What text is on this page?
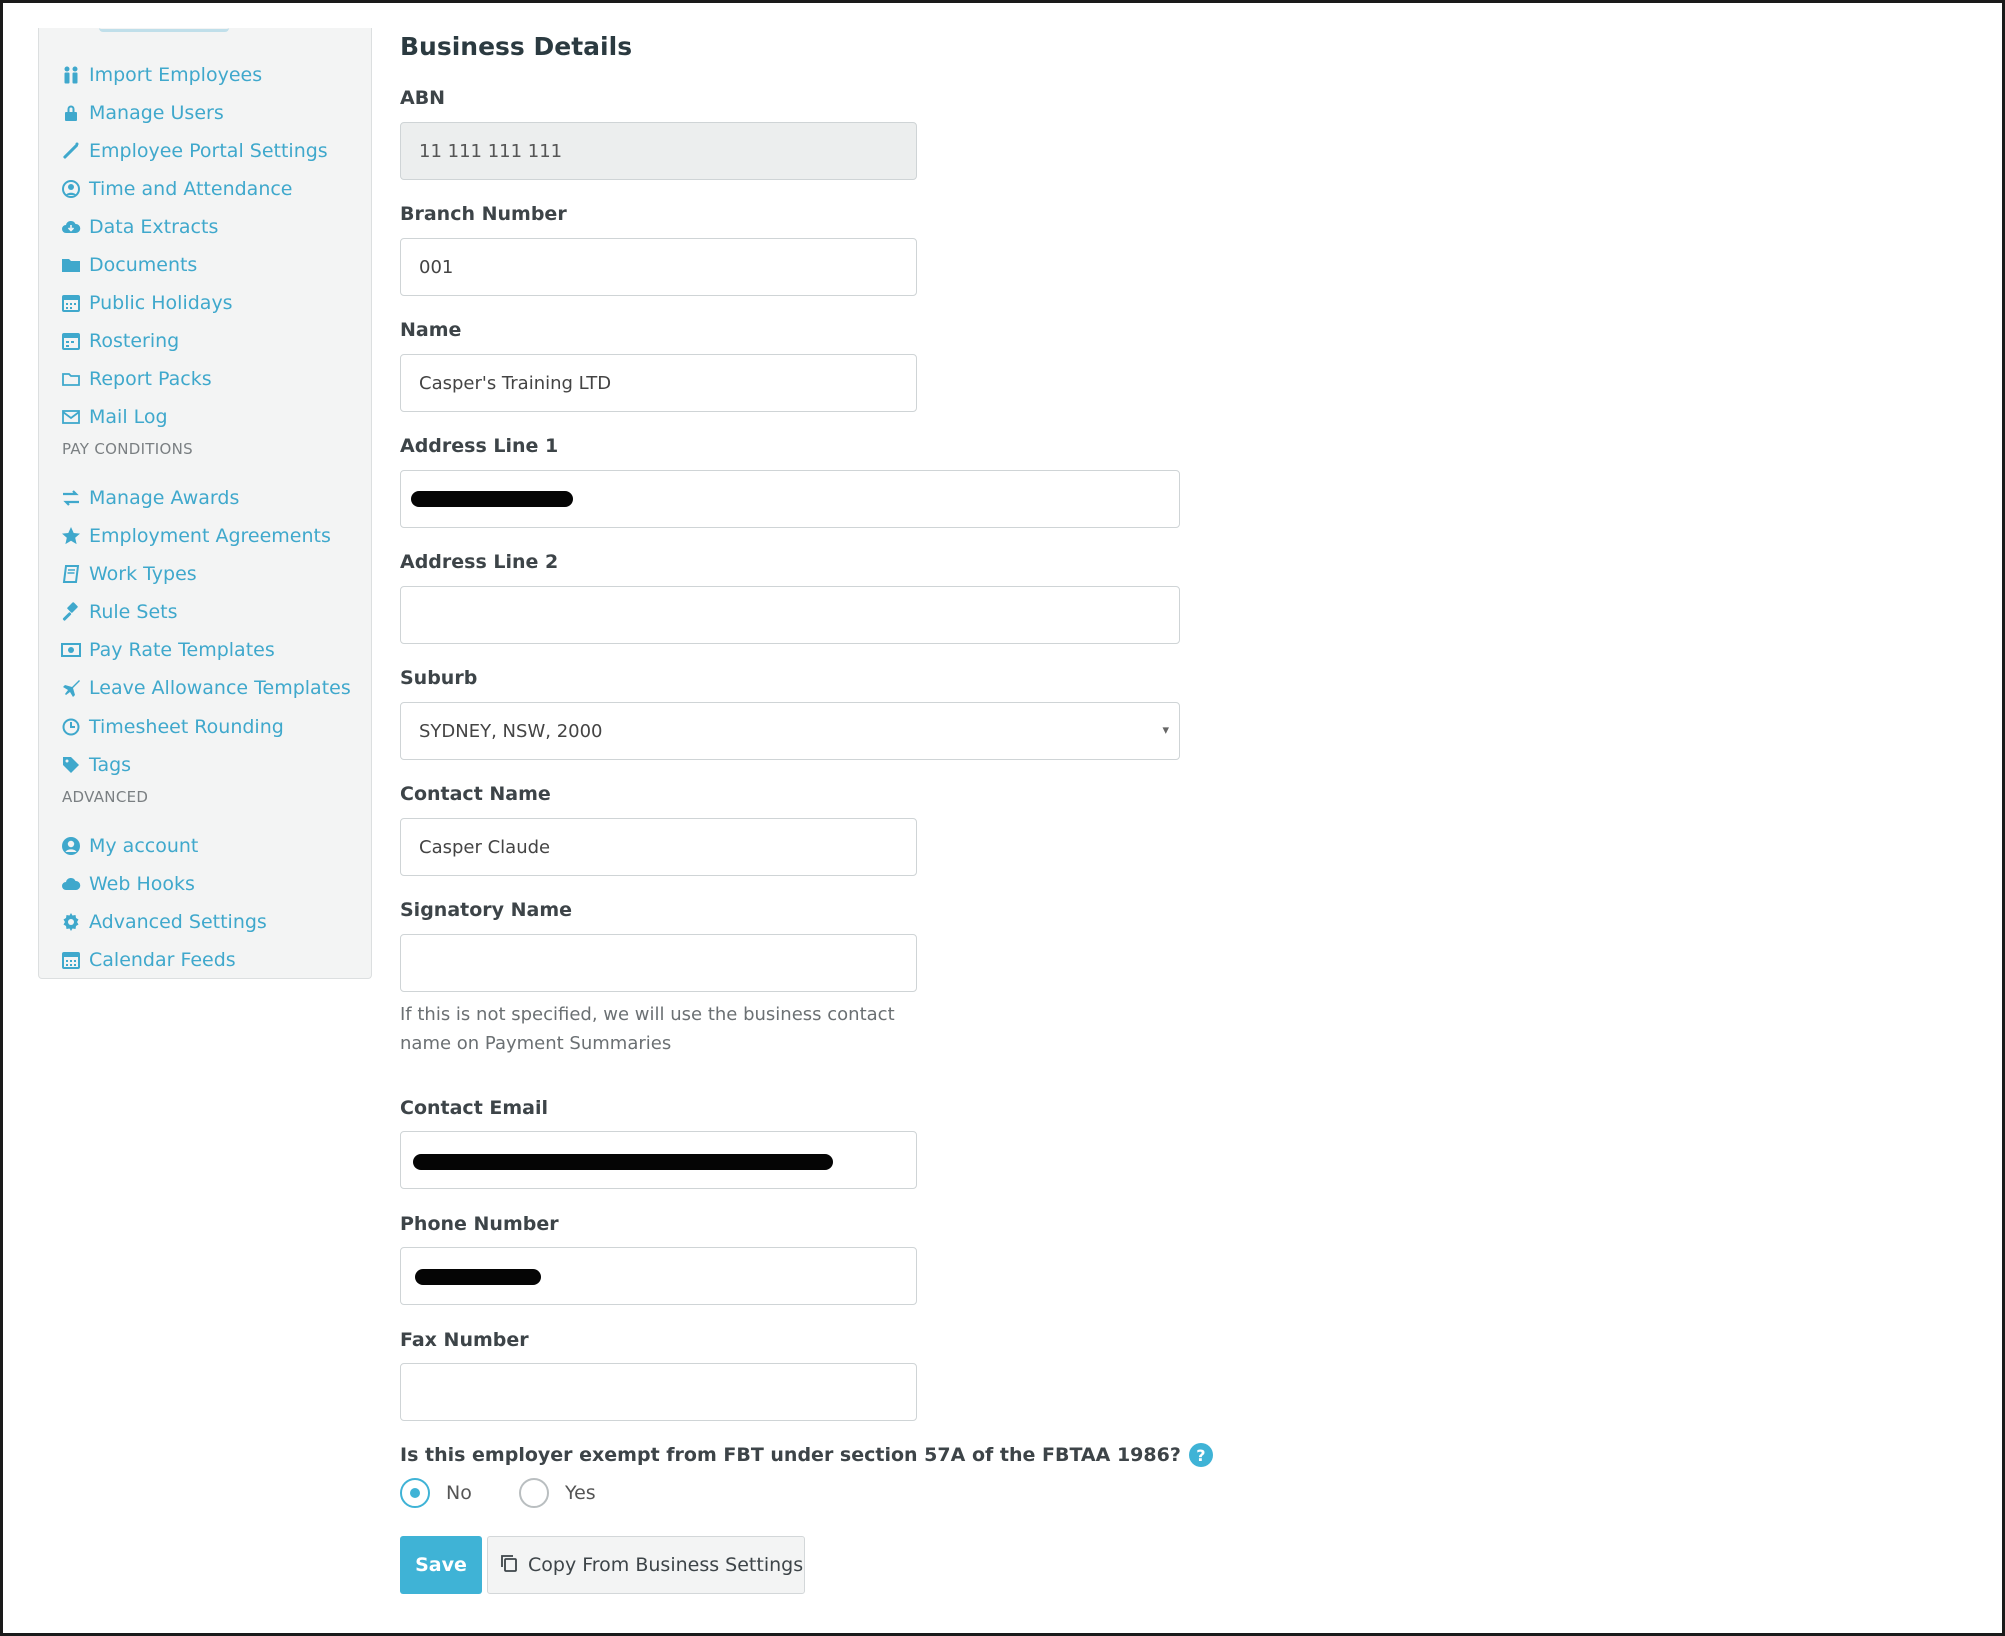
Import Employees
Manage Users
Employee Portal Settings
Time and Attendance
Data Extracts
Documents
Public Holidays
Rostering
Report Packs
Mail Log
PAY CONDITIONS
Manage Awards
Employment Agreements
Work Types
Rule Sets
Pay Rate Templates
Leave Allowance Templates
Timesheet Rounding
Tags
ADVANCED
My account
Web Hooks
Advanced Settings
Calendar Feeds
Business Details
ABN
11 111 111 111
Branch Number
001
Name
Casper's Training LTD
Address Line 1
Address Line 2
Suburb
SYDNEY, NSW, 2000	▾
Contact Name
Casper Claude
Signatory Name
If this is not specified, we will use the business contact name on Payment Summaries
Contact Email
Phone Number
Fax Number
Is this employer exempt from FBT under section 57A of the FBTAA 1986? ?
No	Yes
Save	Copy From Business Settings
